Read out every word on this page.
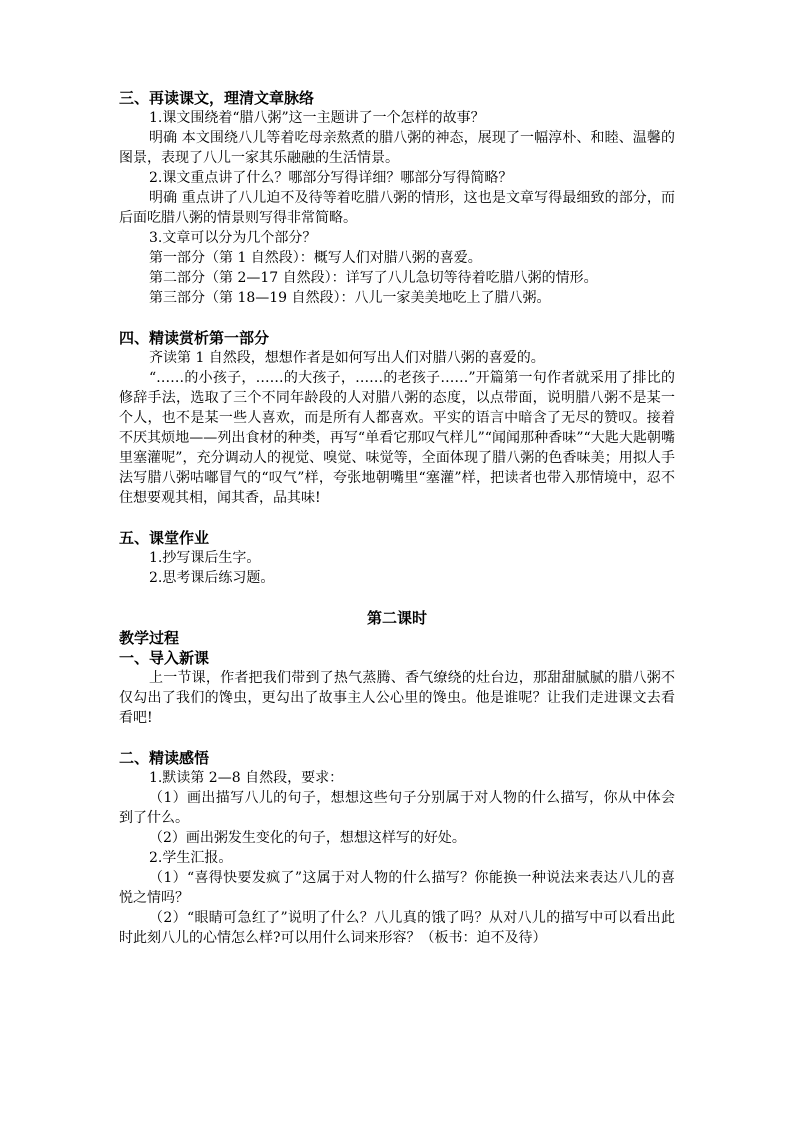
三、再读课文，理清文章脉络

1.课文围绕着“腊八粥”这一主题讲了一个怎样的故事？

明确 本文围绕八儿等着吃母亲熬煮的腊八粥的神态，展现了一幅淳朴、和睦、温馨的图景，表现了八儿一家其乐融融的生活情景。

2.课文重点讲了什么？哪部分写得详细？哪部分写得简略？

明确 重点讲了八儿迫不及待等着吃腊八粥的情形，这也是文章写得最细致的部分，而后面吃腊八粥的情景则写得非常简略。

3.文章可以分为几个部分？

第一部分（第 1 自然段）：概写人们对腊八粥的喜爱。

第二部分（第 2—17 自然段）：详写了八儿急切等待着吃腊八粥的情形。

第三部分（第 18—19 自然段）：八儿一家美美地吃上了腊八粥。

四、精读赏析第一部分

齐读第 1 自然段，想想作者是如何写出人们对腊八粥的喜爱的。

“……的小孩子，……的大孩子，……的老孩子……”开篇第一句作者就采用了排比的修辞手法，选取了三个不同年龄段的人对腊八粥的态度，以点带面，说明腊八粥不是某一个人，也不是某一些人喜欢，而是所有人都喜欢。平实的语言中暗含了无尽的赞叹。接着不厌其烦地——列出食材的种类，再写“单看它那叹气样儿”“闻闻那种香味”“大匙大匙朝嘴里塞灌呢”，充分调动人的视觉、嗅觉、味觉等，全面体现了腊八粥的色香味美；用拟人手法写腊八粥咕嘟冒气的“叹气”样，夸张地朝嘴里“塞灌”样，把读者也带入那情境中，忍不住想要观其相，闻其香，品其味!

五、课堂作业

1.抄写课后生字。

2.思考课后练习题。

第二课时

教学过程

一、导入新课

上一节课，作者把我们带到了热气蒸腾、香气缭绕的灶台边，那甜甜腻腻的腊八粥不仅勾出了我们的馋虫，更勾出了故事主人公心里的馋虫。他是谁呢？让我们走进课文去看看吧!

二、精读感悟

1.默读第 2—8 自然段，要求：

（1）画出描写八儿的句子，想想这些句子分别属于对人物的什么描写，你从中体会到了什么。

（2）画出粥发生变化的句子，想想这样写的好处。

2.学生汇报。

（1）“喜得快要发疯了”这属于对人物的什么描写？你能换一种说法来表达八儿的喜悦之情吗？

（2）“眼睛可急红了”说明了什么？八儿真的饿了吗？从对八儿的描写中可以看出此时此刻八儿的心情怎么样?可以用什么词来形容？（板书：迫不及待）
